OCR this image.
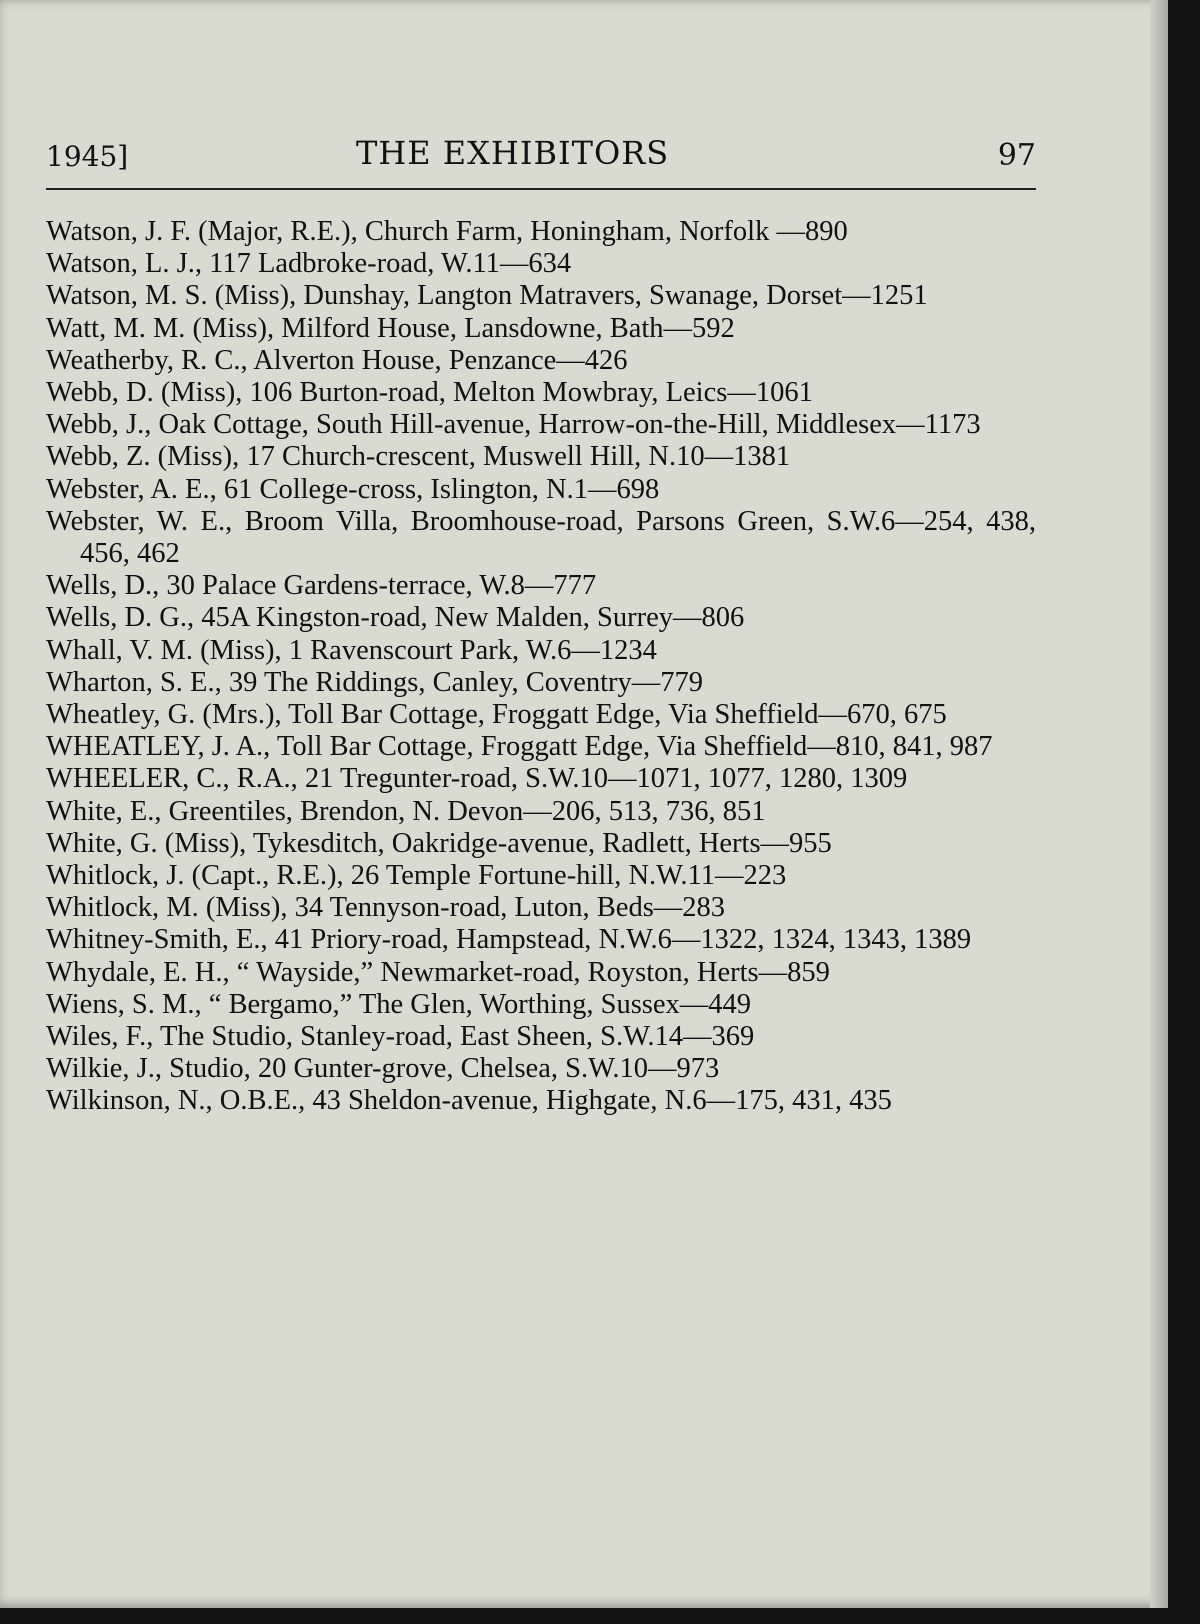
1945]	THE EXHIBITORS	97
Watson, J. F. (Major, R.E.), Church Farm, Honingham, Norfolk —890
Watson, L. J., 117 Ladbroke-road, W.11—634
Watson, M. S. (Miss), Dunshay, Langton Matravers, Swanage, Dorset—1251
Watt, M. M. (Miss), Milford House, Lansdowne, Bath—592
Weatherby, R. C., Alverton House, Penzance—426
Webb, D. (Miss), 106 Burton-road, Melton Mowbray, Leics—1061
Webb, J., Oak Cottage, South Hill-avenue, Harrow-on-the-Hill, Middlesex—1173
Webb, Z. (Miss), 17 Church-crescent, Muswell Hill, N.10—1381
Webster, A. E., 61 College-cross, Islington, N.1—698
Webster, W. E., Broom Villa, Broomhouse-road, Parsons Green, S.W.6—254, 438, 456, 462
Wells, D., 30 Palace Gardens-terrace, W.8—777
Wells, D. G., 45A Kingston-road, New Malden, Surrey—806
Whall, V. M. (Miss), 1 Ravenscourt Park, W.6—1234
Wharton, S. E., 39 The Riddings, Canley, Coventry—779
Wheatley, G. (Mrs.), Toll Bar Cottage, Froggatt Edge, Via Sheffield—670, 675
WHEATLEY, J. A., Toll Bar Cottage, Froggatt Edge, Via Sheffield—810, 841, 987
WHEELER, C., R.A., 21 Tregunter-road, S.W.10—1071, 1077, 1280, 1309
White, E., Greentiles, Brendon, N. Devon—206, 513, 736, 851
White, G. (Miss), Tykesditch, Oakridge-avenue, Radlett, Herts—955
Whitlock, J. (Capt., R.E.), 26 Temple Fortune-hill, N.W.11—223
Whitlock, M. (Miss), 34 Tennyson-road, Luton, Beds—283
Whitney-Smith, E., 41 Priory-road, Hampstead, N.W.6—1322, 1324, 1343, 1389
Whydale, E. H., “ Wayside,” Newmarket-road, Royston, Herts—859
Wiens, S. M., “ Bergamo,” The Glen, Worthing, Sussex—449
Wiles, F., The Studio, Stanley-road, East Sheen, S.W.14—369
Wilkie, J., Studio, 20 Gunter-grove, Chelsea, S.W.10—973
Wilkinson, N., O.B.E., 43 Sheldon-avenue, Highgate, N.6—175, 431, 435
